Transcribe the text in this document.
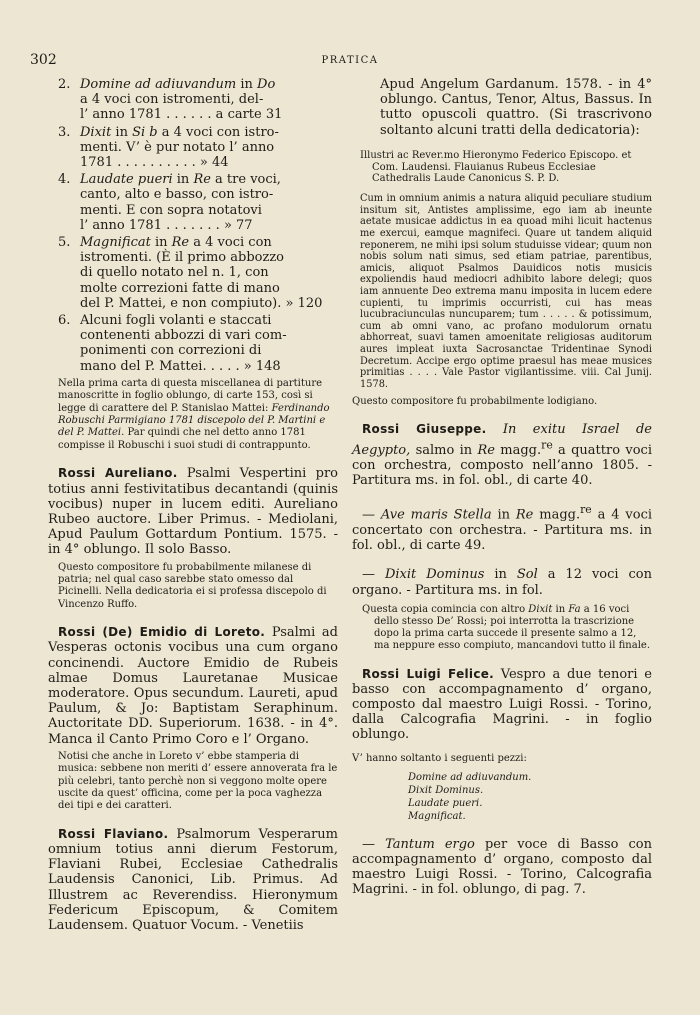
302	PRATICA
2. Domine ad adiuvandum in Do
a 4 voci con istromenti, del-
l’ anno 1781 . . . . . . a carte 31
3. Dixit in Si b a 4 voci con istro-
menti. V’ è pur notato l’ anno
1781 . . . . . . . . . . » 44
4. Laudate pueri in Re a tre voci,
canto, alto e basso, con istro-
menti. E con sopra notatovi
l’ anno 1781 . . . . . . . » 77
5. Magnificat in Re a 4 voci con
istromenti. (È il primo abbozzo
di quello notato nel n. 1, con
molte correzioni fatte di mano
del P. Mattei, e non compiuto). » 120
6. Alcuni fogli volanti e staccati
contenenti abbozzi di vari com-
ponimenti con correzioni di
mano del P. Mattei. . . . . » 148
Nella prima carta di questa miscellanea di partiture manoscritte in foglio oblungo, di carte 153, così si legge di carattere del P. Stanislao Mattei: Ferdinando Robuschi Parmigiano 1781 discepolo del P. Martini e del P. Mattei. Par quindi che nel detto anno 1781 compisse il Robuschi i suoi studi di contrappunto.
Rossi Aureliano. Psalmi Vespertini pro totius anni festivitatibus decantandi (quinis vocibus) nuper in lucem editi. Aureliano Rubeo auctore. Liber Primus. - Mediolani, Apud Paulum Gottardum Pontium. 1575. - in 4° oblungo. Il solo Basso.
Questo compositore fu probabilmente milanese di patria; nel qual caso sarebbe stato omesso dal Picinelli. Nella dedicatoria ei si professa discepolo di Vincenzo Ruffo.
Rossi (De) Emidio di Loreto. Psalmi ad Vesperas octonis vocibus una cum organo concinendi. Auctore Emidio de Rubeis almae Domus Lauretanae Musicae moderatore. Opus secundum. Laureti, apud Paulum, & Jo: Baptistam Seraphinum. Auctoritate DD. Superiorum. 1638. - in 4°. Manca il Canto Primo Coro e l’ Organo.
Notisi che anche in Loreto v’ ebbe stamperia di musica: sebbene non meriti d’ essere annoverata fra le più celebri, tanto perchè non si veggono molte opere uscite da quest’ officina, come per la poca vaghezza dei tipi e dei caratteri.
Rossi Flaviano. Psalmorum Vesperarum omnium totius anni dierum Festorum, Flaviani Rubei, Ecclesiae Cathedralis Laudensis Canonici, Lib. Primus. Ad Illustrem ac Reverendiss. Hieronymum Federicum Episcopum, & Comitem Laudensem. Quatuor Vocum. - Venetiis
Apud Angelum Gardanum. 1578. - in 4° oblungo. Cantus, Tenor, Altus, Bassus. In tutto opuscoli quattro. (Si trascrivono soltanto alcuni tratti della dedicatoria):
Illustri ac Rever.mo Hieronymo Federico Episcopo. et Com. Laudensi. Flauianus Rubeus Ecclesiae Cathedralis Laude Canonicus S. P. D.
Cum in omnium animis a natura aliquid peculiare studium insitum sit, Antistes amplissime, ego iam ab ineunte aetate musicae addictus in ea quoad mihi licuit hactenus me exercui, eamque magnifeci. Quare ut tandem aliquid reponerem, ne mihi ipsi solum studuisse videar; quum non nobis solum nati simus, sed etiam patriae, parentibus, amicis, aliquot Psalmos Dauidicos notis musicis expoliendis haud mediocri adhibito labore delegi; quos iam annuente Deo extrema manu imposita in lucem edere cupienti, tu imprimis occurristi, cui has meas lucubraciunculas nuncuparem; tum . . . . . & potissimum, cum ab omni vano, ac profano modulorum ornatu abhorreat, suavi tamen amoenitate religiosas auditorum aures impleat iuxta Sacrosanctae Tridentinae Synodi Decretum. Accipe ergo optime praesul has meae musices primitias . . . . Vale Pastor vigilantissime. viii. Cal Junij. 1578.
Questo compositore fu probabilmente lodigiano.
Rossi Giuseppe. In exitu Israel de Aegypto, salmo in Re magg.$^{re}$ a quattro voci con orchestra, composto nell’anno 1805. - Partitura ms. in fol. obl., di carte 40.
— Ave maris Stella in Re magg.$^{re}$ a 4 voci concertato con orchestra. - Partitura ms. in fol. obl., di carte 49.
— Dixit Dominus in Sol a 12 voci con organo. - Partitura ms. in fol.
Questa copia comincia con altro Dixit in Fa a 16 voci dello stesso De’ Rossi; poi interrotta la trascrizione dopo la prima carta succede il presente salmo a 12, ma neppure esso compiuto, mancandovi tutto il finale.
Rossi Luigi Felice. Vespro a due tenori e basso con accompagnamento d’ organo, composto dal maestro Luigi Rossi. - Torino, dalla Calcografia Magrini. - in foglio oblungo.
V’ hanno soltanto i seguenti pezzi:
Domine ad adiuvandum.
Dixit Dominus.
Laudate pueri.
Magnificat.
— Tantum ergo per voce di Basso con accompagnamento d’ organo, composto dal maestro Luigi Rossi. - Torino, Calcografia Magrini. - in fol. oblungo, di pag. 7.
